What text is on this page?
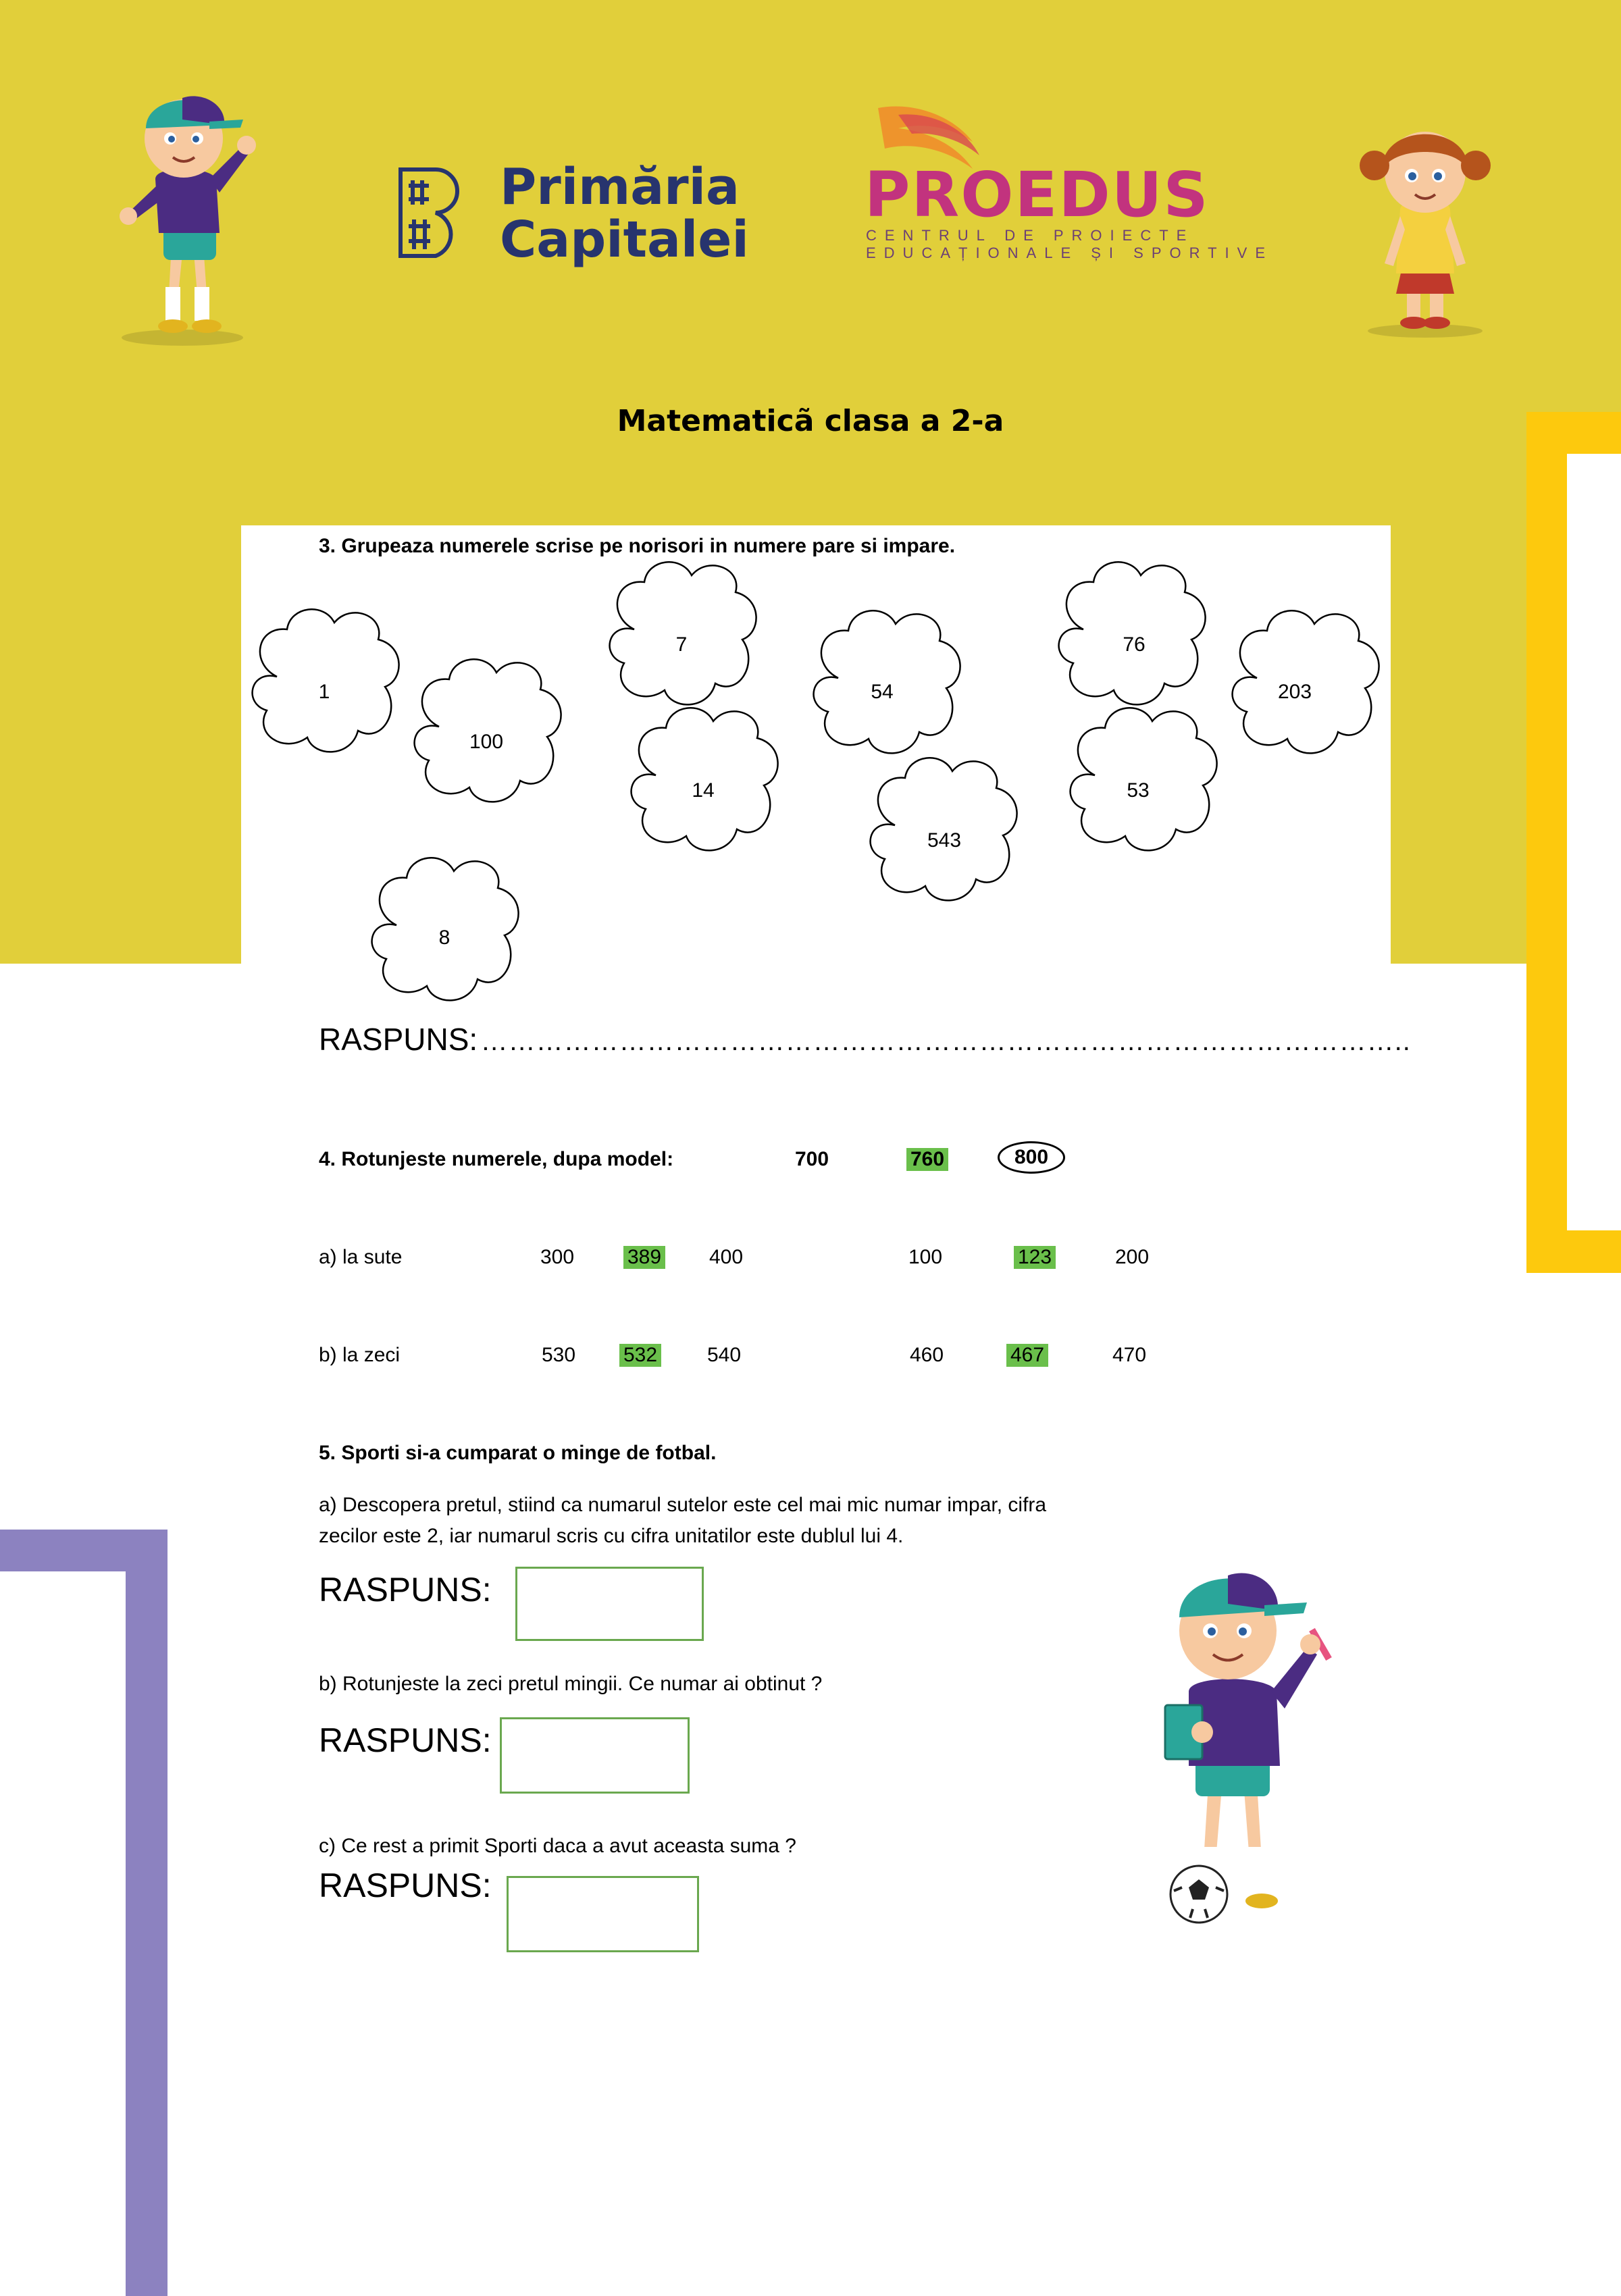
Primăria
Capitalei
PROEDUS
CENTRUL DE PROIECTE
EDUCAȚIONALE ȘI SPORTIVE
Matematicã clasa a 2-a
3. Grupeaza numerele scrise pe norisori in numere pare si impare.
1
100
7
14
54
543
76
53
203
8
RASPUNS: ………………………………………………………………………………………..
4. Rotunjeste numerele, dupa model:	700	760	800
a) la sute	300	389 400	100	123	200
b) la zeci	530 532 540	460	467	470
5. Sporti si-a cumparat o minge de fotbal.
a) Descopera pretul, stiind ca numarul sutelor este cel mai mic numar impar, cifra
zecilor este 2, iar numarul scris cu cifra unitatilor este dublul lui 4.
RASPUNS:
b) Rotunjeste la zeci pretul mingii. Ce numar ai obtinut ?
RASPUNS:
c) Ce rest a primit Sporti daca a avut aceasta suma ?
RASPUNS:
